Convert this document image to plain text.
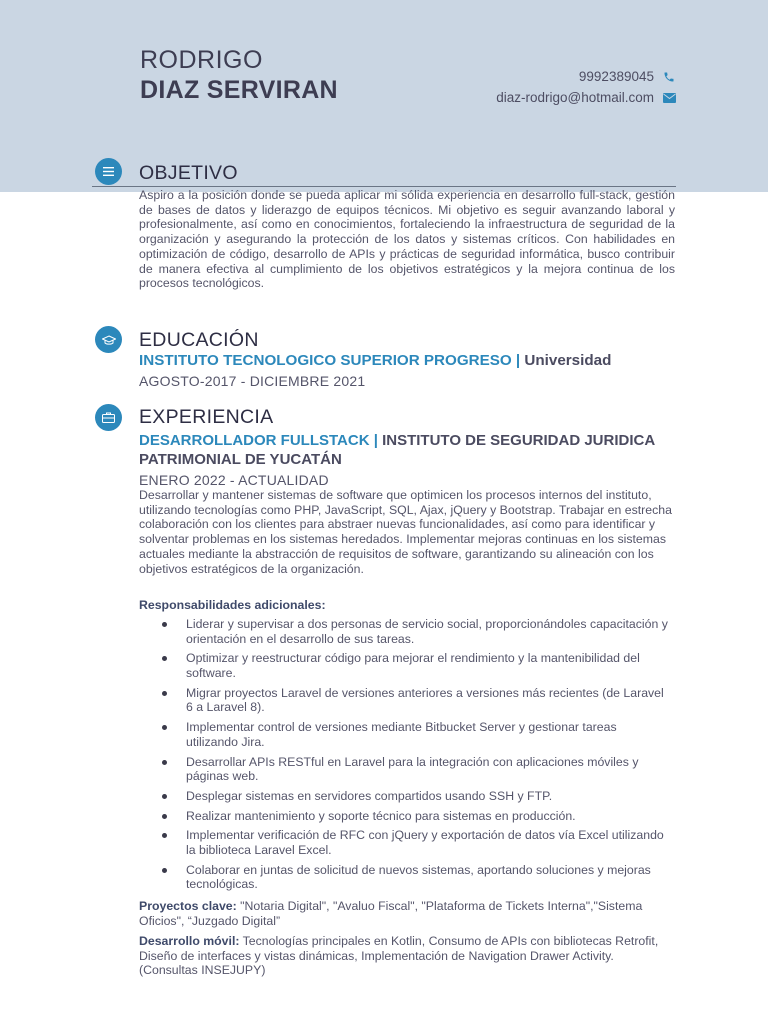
RODRIGO
DIAZ SERVIRAN	9992389045
diaz-rodrigo@hotmail.com
OBJETIVO
Aspiro a la posición donde se pueda aplicar mi sólida experiencia en desarrollo full-stack, gestión de bases de datos y liderazgo de equipos técnicos. Mi objetivo es seguir avanzando laboral y profesionalmente, así como en conocimientos, fortaleciendo la infraestructura de seguridad de la organización y asegurando la protección de los datos y sistemas críticos. Con habilidades en optimización de código, desarrollo de APIs y prácticas de seguridad informática, busco contribuir de manera efectiva al cumplimiento de los objetivos estratégicos y la mejora continua de los procesos tecnológicos.
EDUCACIÓN
INSTITUTO TECNOLOGICO SUPERIOR PROGRESO | Universidad
AGOSTO-2017 - DICIEMBRE 2021
EXPERIENCIA
DESARROLLADOR FULLSTACK | INSTITUTO DE SEGURIDAD JURIDICA PATRIMONIAL DE YUCATÁN
ENERO 2022 - ACTUALIDAD
Desarrollar y mantener sistemas de software que optimicen los procesos internos del instituto, utilizando tecnologías como PHP, JavaScript, SQL, Ajax, jQuery y Bootstrap. Trabajar en estrecha colaboración con los clientes para abstraer nuevas funcionalidades, así como para identificar y solventar problemas en los sistemas heredados. Implementar mejoras continuas en los sistemas actuales mediante la abstracción de requisitos de software, garantizando su alineación con los objetivos estratégicos de la organización.
Responsabilidades adicionales:
Liderar y supervisar a dos personas de servicio social, proporcionándoles capacitación y orientación en el desarrollo de sus tareas.
Optimizar y reestructurar código para mejorar el rendimiento y la mantenibilidad del software.
Migrar proyectos Laravel de versiones anteriores a versiones más recientes (de Laravel 6 a Laravel 8).
Implementar control de versiones mediante Bitbucket Server y gestionar tareas utilizando Jira.
Desarrollar APIs RESTful en Laravel para la integración con aplicaciones móviles y páginas web.
Desplegar sistemas en servidores compartidos usando SSH y FTP.
Realizar mantenimiento y soporte técnico para sistemas en producción.
Implementar verificación de RFC con jQuery y exportación de datos vía Excel utilizando la biblioteca Laravel Excel.
Colaborar en juntas de solicitud de nuevos sistemas, aportando soluciones y mejoras tecnológicas.
Proyectos clave: "Notaria Digital", "Avaluo Fiscal", "Plataforma de Tickets Interna","Sistema Oficios", “Juzgado Digital”
Desarrollo móvil: Tecnologías principales en Kotlin, Consumo de APIs con bibliotecas Retrofit, Diseño de interfaces y vistas dinámicas, Implementación de Navigation Drawer Activity. (Consultas INSEJUPY)
